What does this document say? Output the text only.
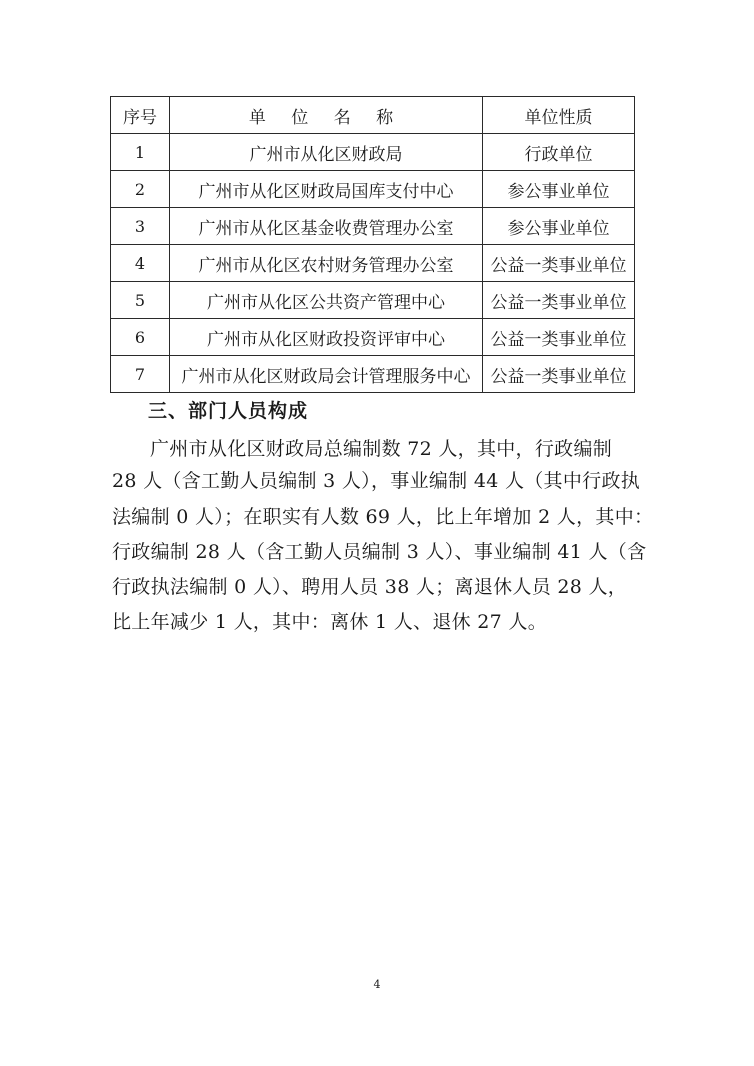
序号	单 位 名 称	单位性质
1	广州市从化区财政局	行政单位
2	广州市从化区财政局国库支付中心	参公事业单位
3	广州市从化区基金收费管理办公室	参公事业单位
4	广州市从化区农村财务管理办公室	公益一类事业单位
5	广州市从化区公共资产管理中心	公益一类事业单位
6	广州市从化区财政投资评审中心	公益一类事业单位
7	广州市从化区财政局会计管理服务中心	公益一类事业单位
三、部门人员构成
广州市从化区财政局总编制数 72 人，其中，行政编制
28 人（含工勤人员编制 3 人），事业编制 44 人（其中行政执
法编制 0 人）；在职实有人数 69 人，比上年增加 2 人，其中：
行政编制 28 人（含工勤人员编制 3 人）、事业编制 41 人（含
行政执法编制 0 人）、聘用人员 38 人；离退休人员 28 人，
比上年减少 1 人，其中：离休 1 人、退休 27 人。
4
